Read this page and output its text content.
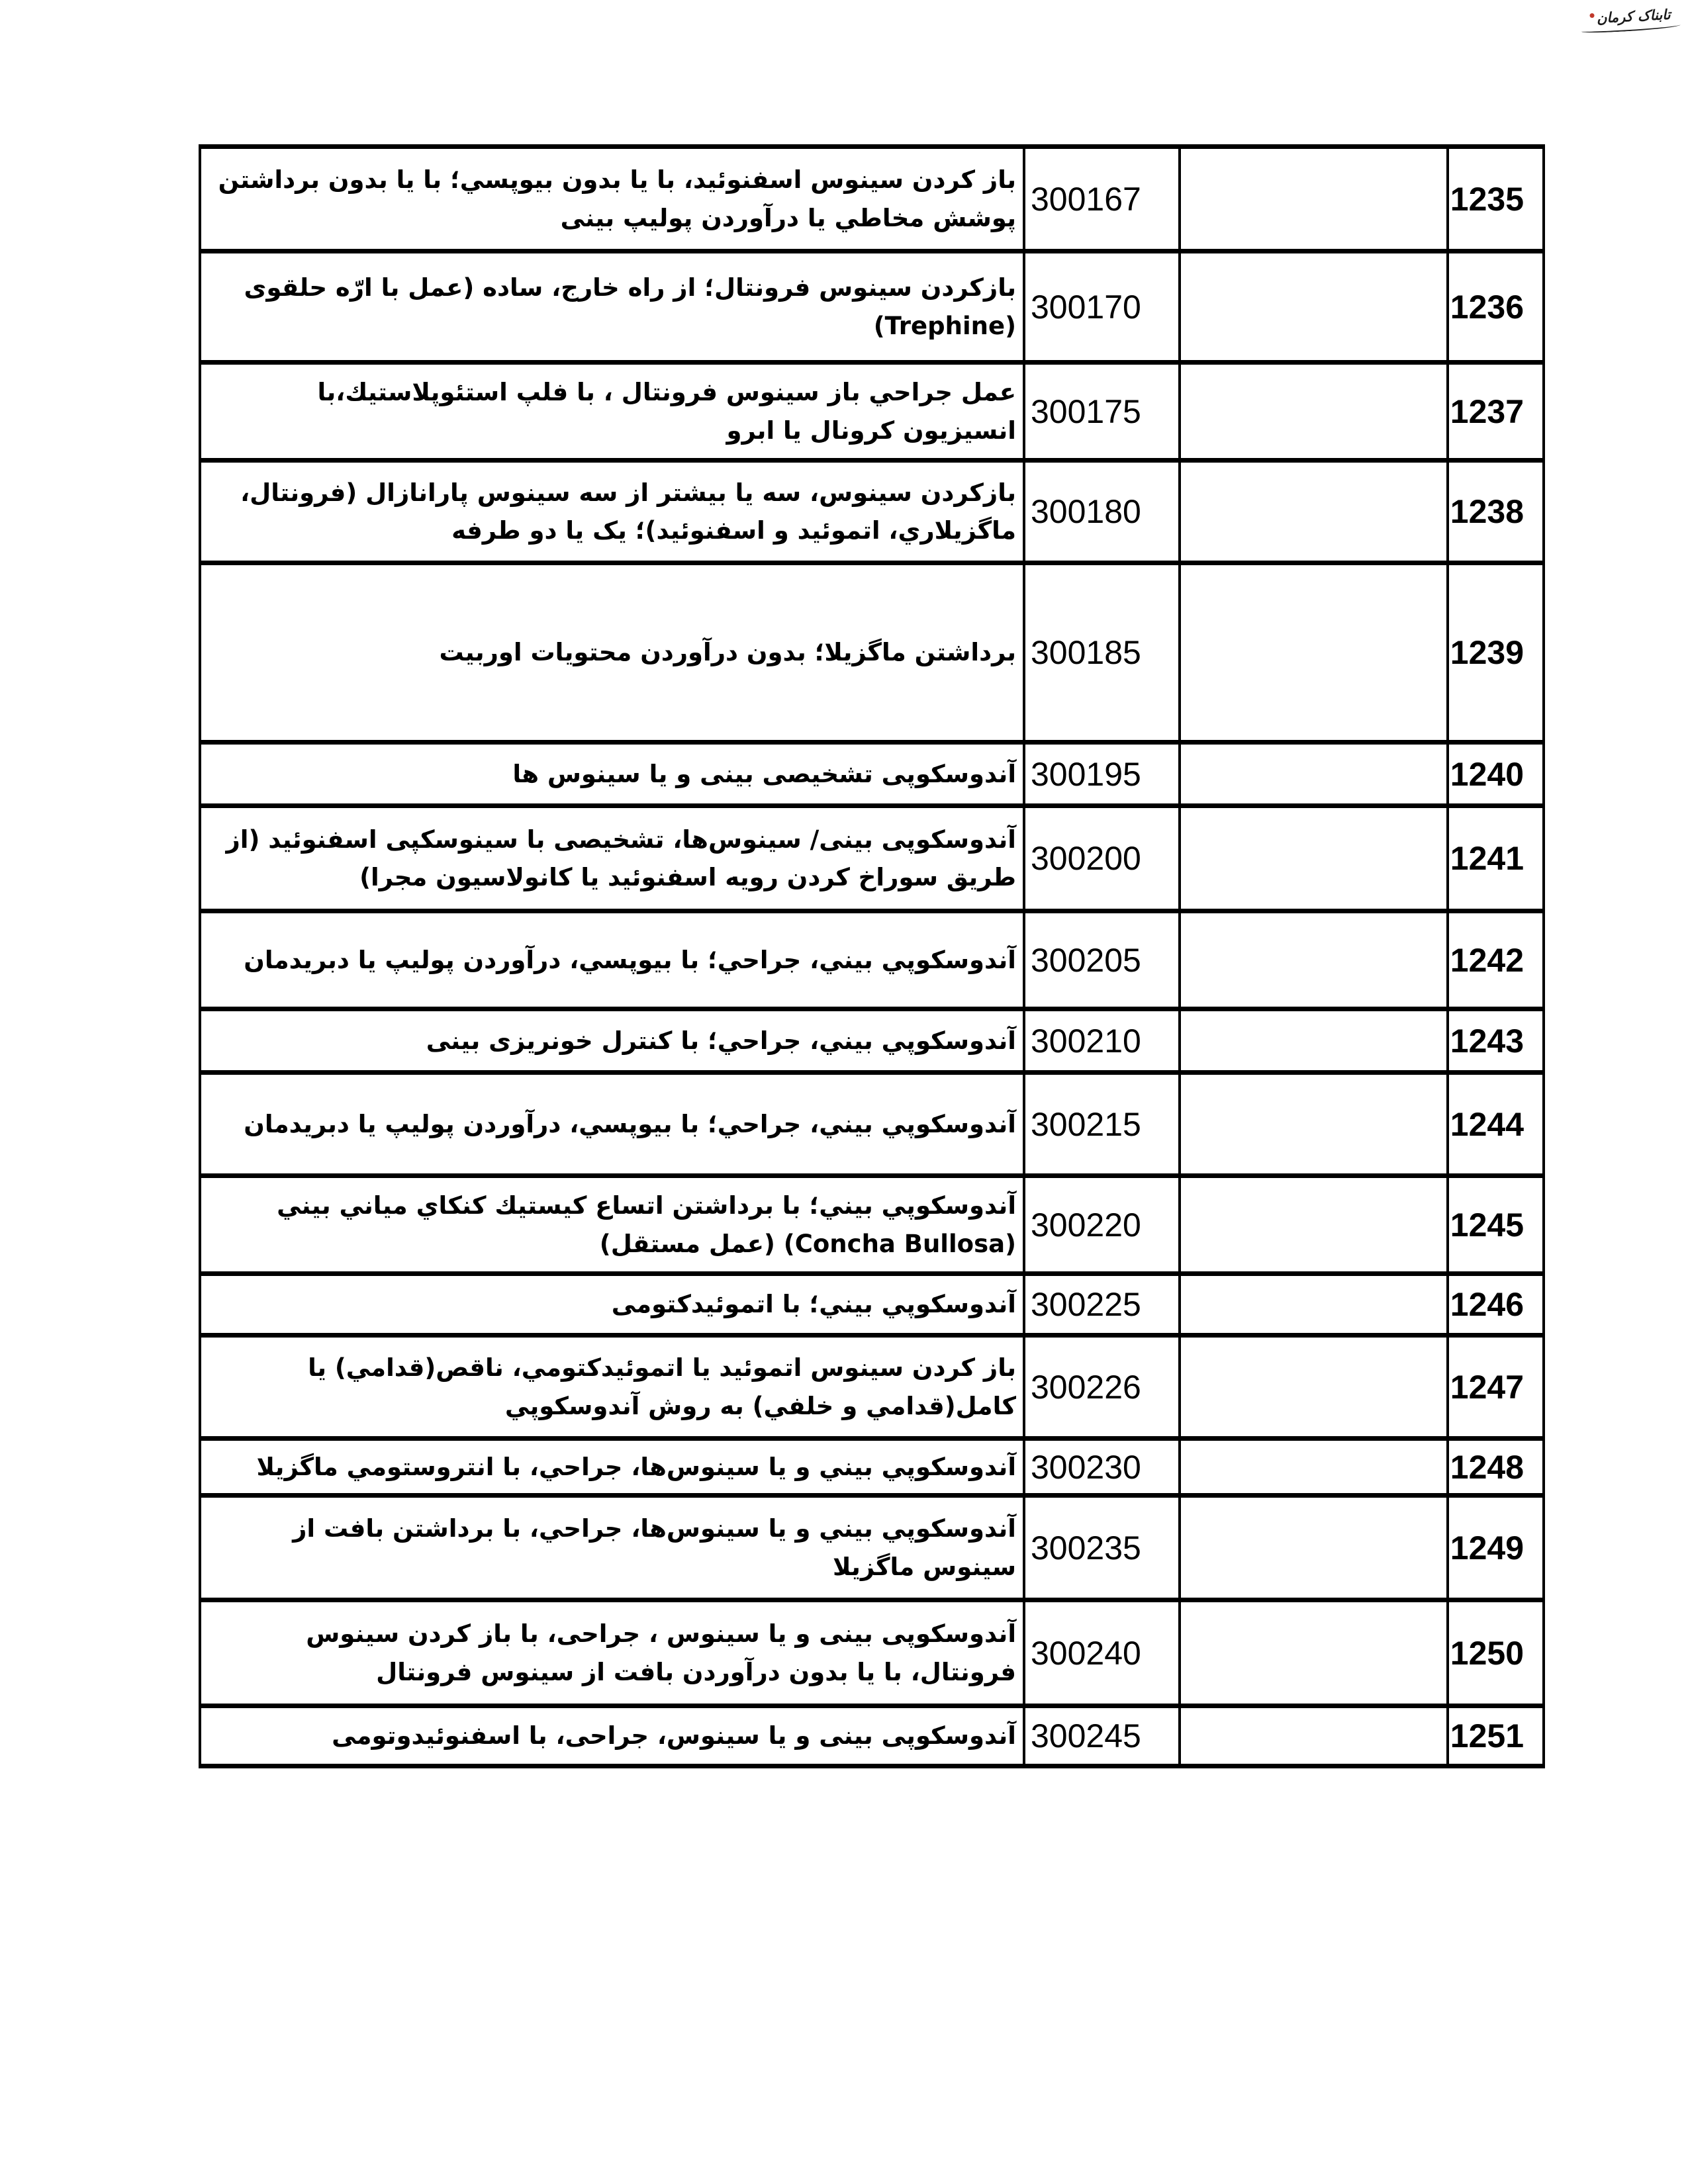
تابناک کرمان
باز كردن سينوس اسفنوئيد، با يا بدون بيوپسي؛ با يا بدون برداشتن پوشش مخاطي يا درآوردن پوليپ بينی	300167		1235
بازكردن سينوس فرونتال؛ از راه خارج، ساده (عمل با ارّه حلقوی (Trephine)	300170		1236
عمل جراحي باز سينوس فرونتال ، با فلپ استئوپلاستيك،با انسيزيون كرونال يا ابرو	300175		1237
بازكردن سينوس، سه يا بيشتر از سه سينوس پارانازال (فرونتال، ماگزيلاري، اتموئيد و اسفنوئيد)؛ یک یا دو طرفه	300180		1238
برداشتن ماگزیلا؛ بدون درآوردن محتویات اوربیت	300185		1239
آندوسکوپی تشخیصی بینی و یا سینوس ها	300195		1240
آندوسکوپی بینی/ سینوس‌ها، تشخیصی با سینوسکپی اسفنوئید (از طریق سوراخ کردن رویه اسفنوئید یا کانولاسیون مجرا)	300200		1241
آندوسكوپي بيني، جراحي؛ با بيوپسي، درآوردن پوليپ يا دبريدمان	300205		1242
آندوسكوپي بيني، جراحي؛ با كنترل خونریزی بینی	300210		1243
آندوسكوپي بيني، جراحي؛ با بيوپسي، درآوردن پوليپ يا دبريدمان	300215		1244
آندوسكوپي بيني؛ با برداشتن اتساع كيستيك كنكاي مياني بيني (Concha Bullosa) (عمل مستقل)	300220		1245
آندوسكوپي بيني؛ با اتموئيدكتومی	300225		1246
باز كردن سينوس اتموئيد يا اتموئيدكتومي، ناقص(قدامي) يا كامل(قدامي و خلفي) به روش آندوسكوپي	300226		1247
آندوسكوپي بيني و يا سينوس‌ها، جراحي، با انتروستومي ماگزيلا	300230		1248
آندوسكوپي بيني و يا سينوس‌ها، جراحي، با برداشتن بافت از سينوس ماگزيلا	300235		1249
آندوسکوپی بینی و یا سینوس ، جراحی، با باز کردن سینوس فرونتال، با یا بدون درآوردن بافت از سینوس فرونتال	300240		1250
آندوسکوپی بینی و یا سینوس، جراحی، با اسفنوئیدوتومی	300245		1251
